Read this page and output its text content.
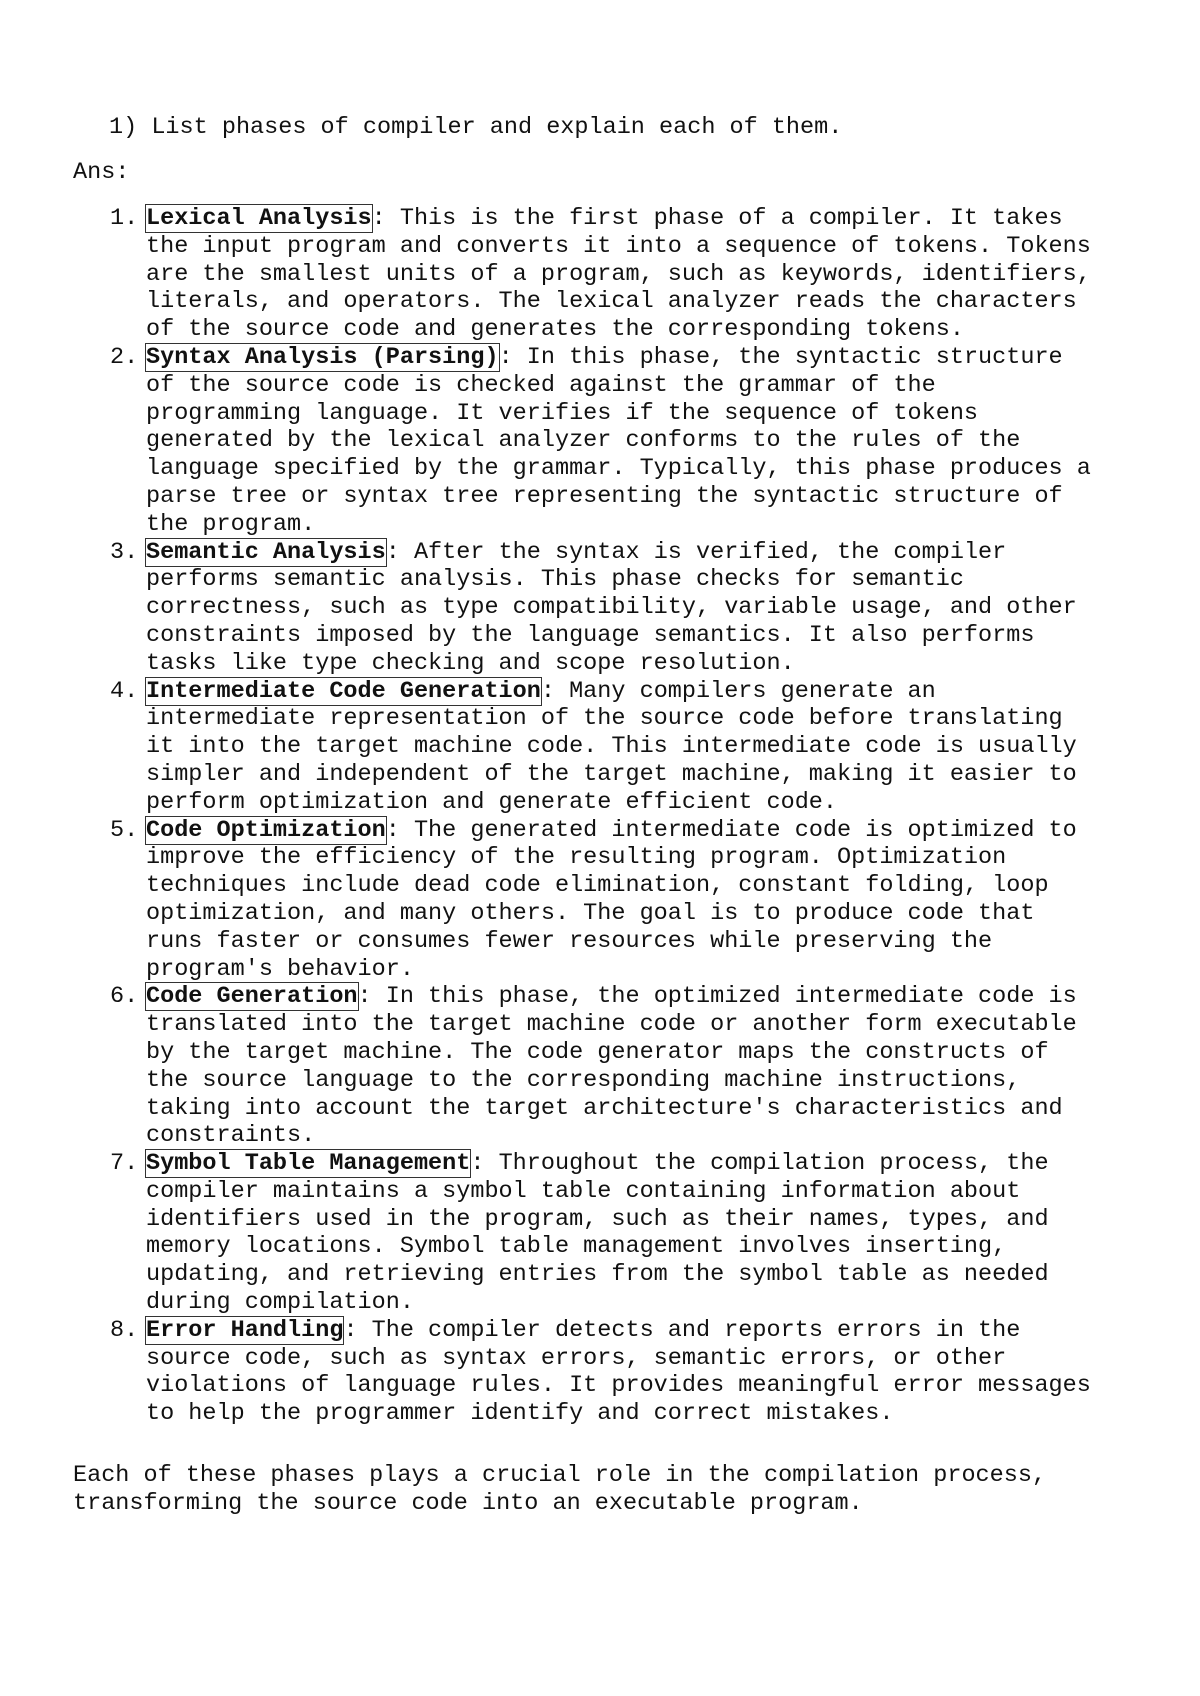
1) List phases of compiler and explain each of them.
Ans:
1. Lexical Analysis: This is the first phase of a compiler. It takes
the input program and converts it into a sequence of tokens. Tokens
are the smallest units of a program, such as keywords, identifiers,
literals, and operators. The lexical analyzer reads the characters
of the source code and generates the corresponding tokens.
2. Syntax Analysis (Parsing): In this phase, the syntactic structure
of the source code is checked against the grammar of the
programming language. It verifies if the sequence of tokens
generated by the lexical analyzer conforms to the rules of the
language specified by the grammar. Typically, this phase produces a
parse tree or syntax tree representing the syntactic structure of
the program.
3. Semantic Analysis: After the syntax is verified, the compiler
performs semantic analysis. This phase checks for semantic
correctness, such as type compatibility, variable usage, and other
constraints imposed by the language semantics. It also performs
tasks like type checking and scope resolution.
4. Intermediate Code Generation: Many compilers generate an
intermediate representation of the source code before translating
it into the target machine code. This intermediate code is usually
simpler and independent of the target machine, making it easier to
perform optimization and generate efficient code.
5. Code Optimization: The generated intermediate code is optimized to
improve the efficiency of the resulting program. Optimization
techniques include dead code elimination, constant folding, loop
optimization, and many others. The goal is to produce code that
runs faster or consumes fewer resources while preserving the
program's behavior.
6. Code Generation: In this phase, the optimized intermediate code is
translated into the target machine code or another form executable
by the target machine. The code generator maps the constructs of
the source language to the corresponding machine instructions,
taking into account the target architecture's characteristics and
constraints.
7. Symbol Table Management: Throughout the compilation process, the
compiler maintains a symbol table containing information about
identifiers used in the program, such as their names, types, and
memory locations. Symbol table management involves inserting,
updating, and retrieving entries from the symbol table as needed
during compilation.
8. Error Handling: The compiler detects and reports errors in the
source code, such as syntax errors, semantic errors, or other
violations of language rules. It provides meaningful error messages
to help the programmer identify and correct mistakes.
Each of these phases plays a crucial role in the compilation process,
transforming the source code into an executable program.
